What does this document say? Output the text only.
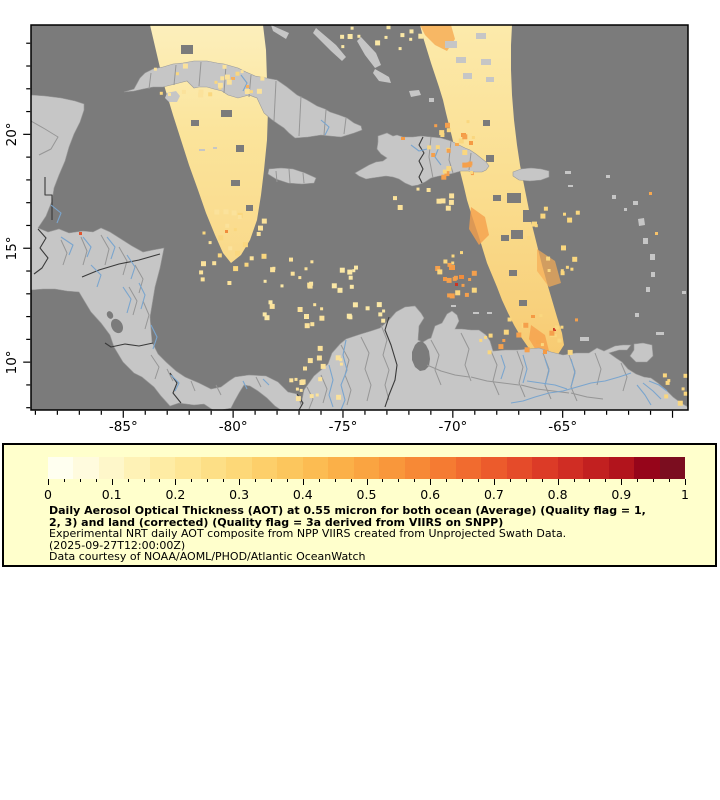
-85°	-80°	-75°	-70°	-65°
20°
15°
10°
0	0.1	0.2	0.3	0.4	0.5	0.6	0.7	0.8	0.9	1
Daily Aerosol Optical Thickness (AOT) at 0.55 micron for both ocean (Average) (Quality flag = 1,
2, 3) and land (corrected) (Quality flag = 3a derived from VIIRS on SNPP)
Experimental NRT daily AOT composite from NPP VIIRS created from Unprojected Swath Data.
(2025-09-27T12:00:00Z)
Data courtesy of NOAA/AOML/PHOD/Atlantic OceanWatch
